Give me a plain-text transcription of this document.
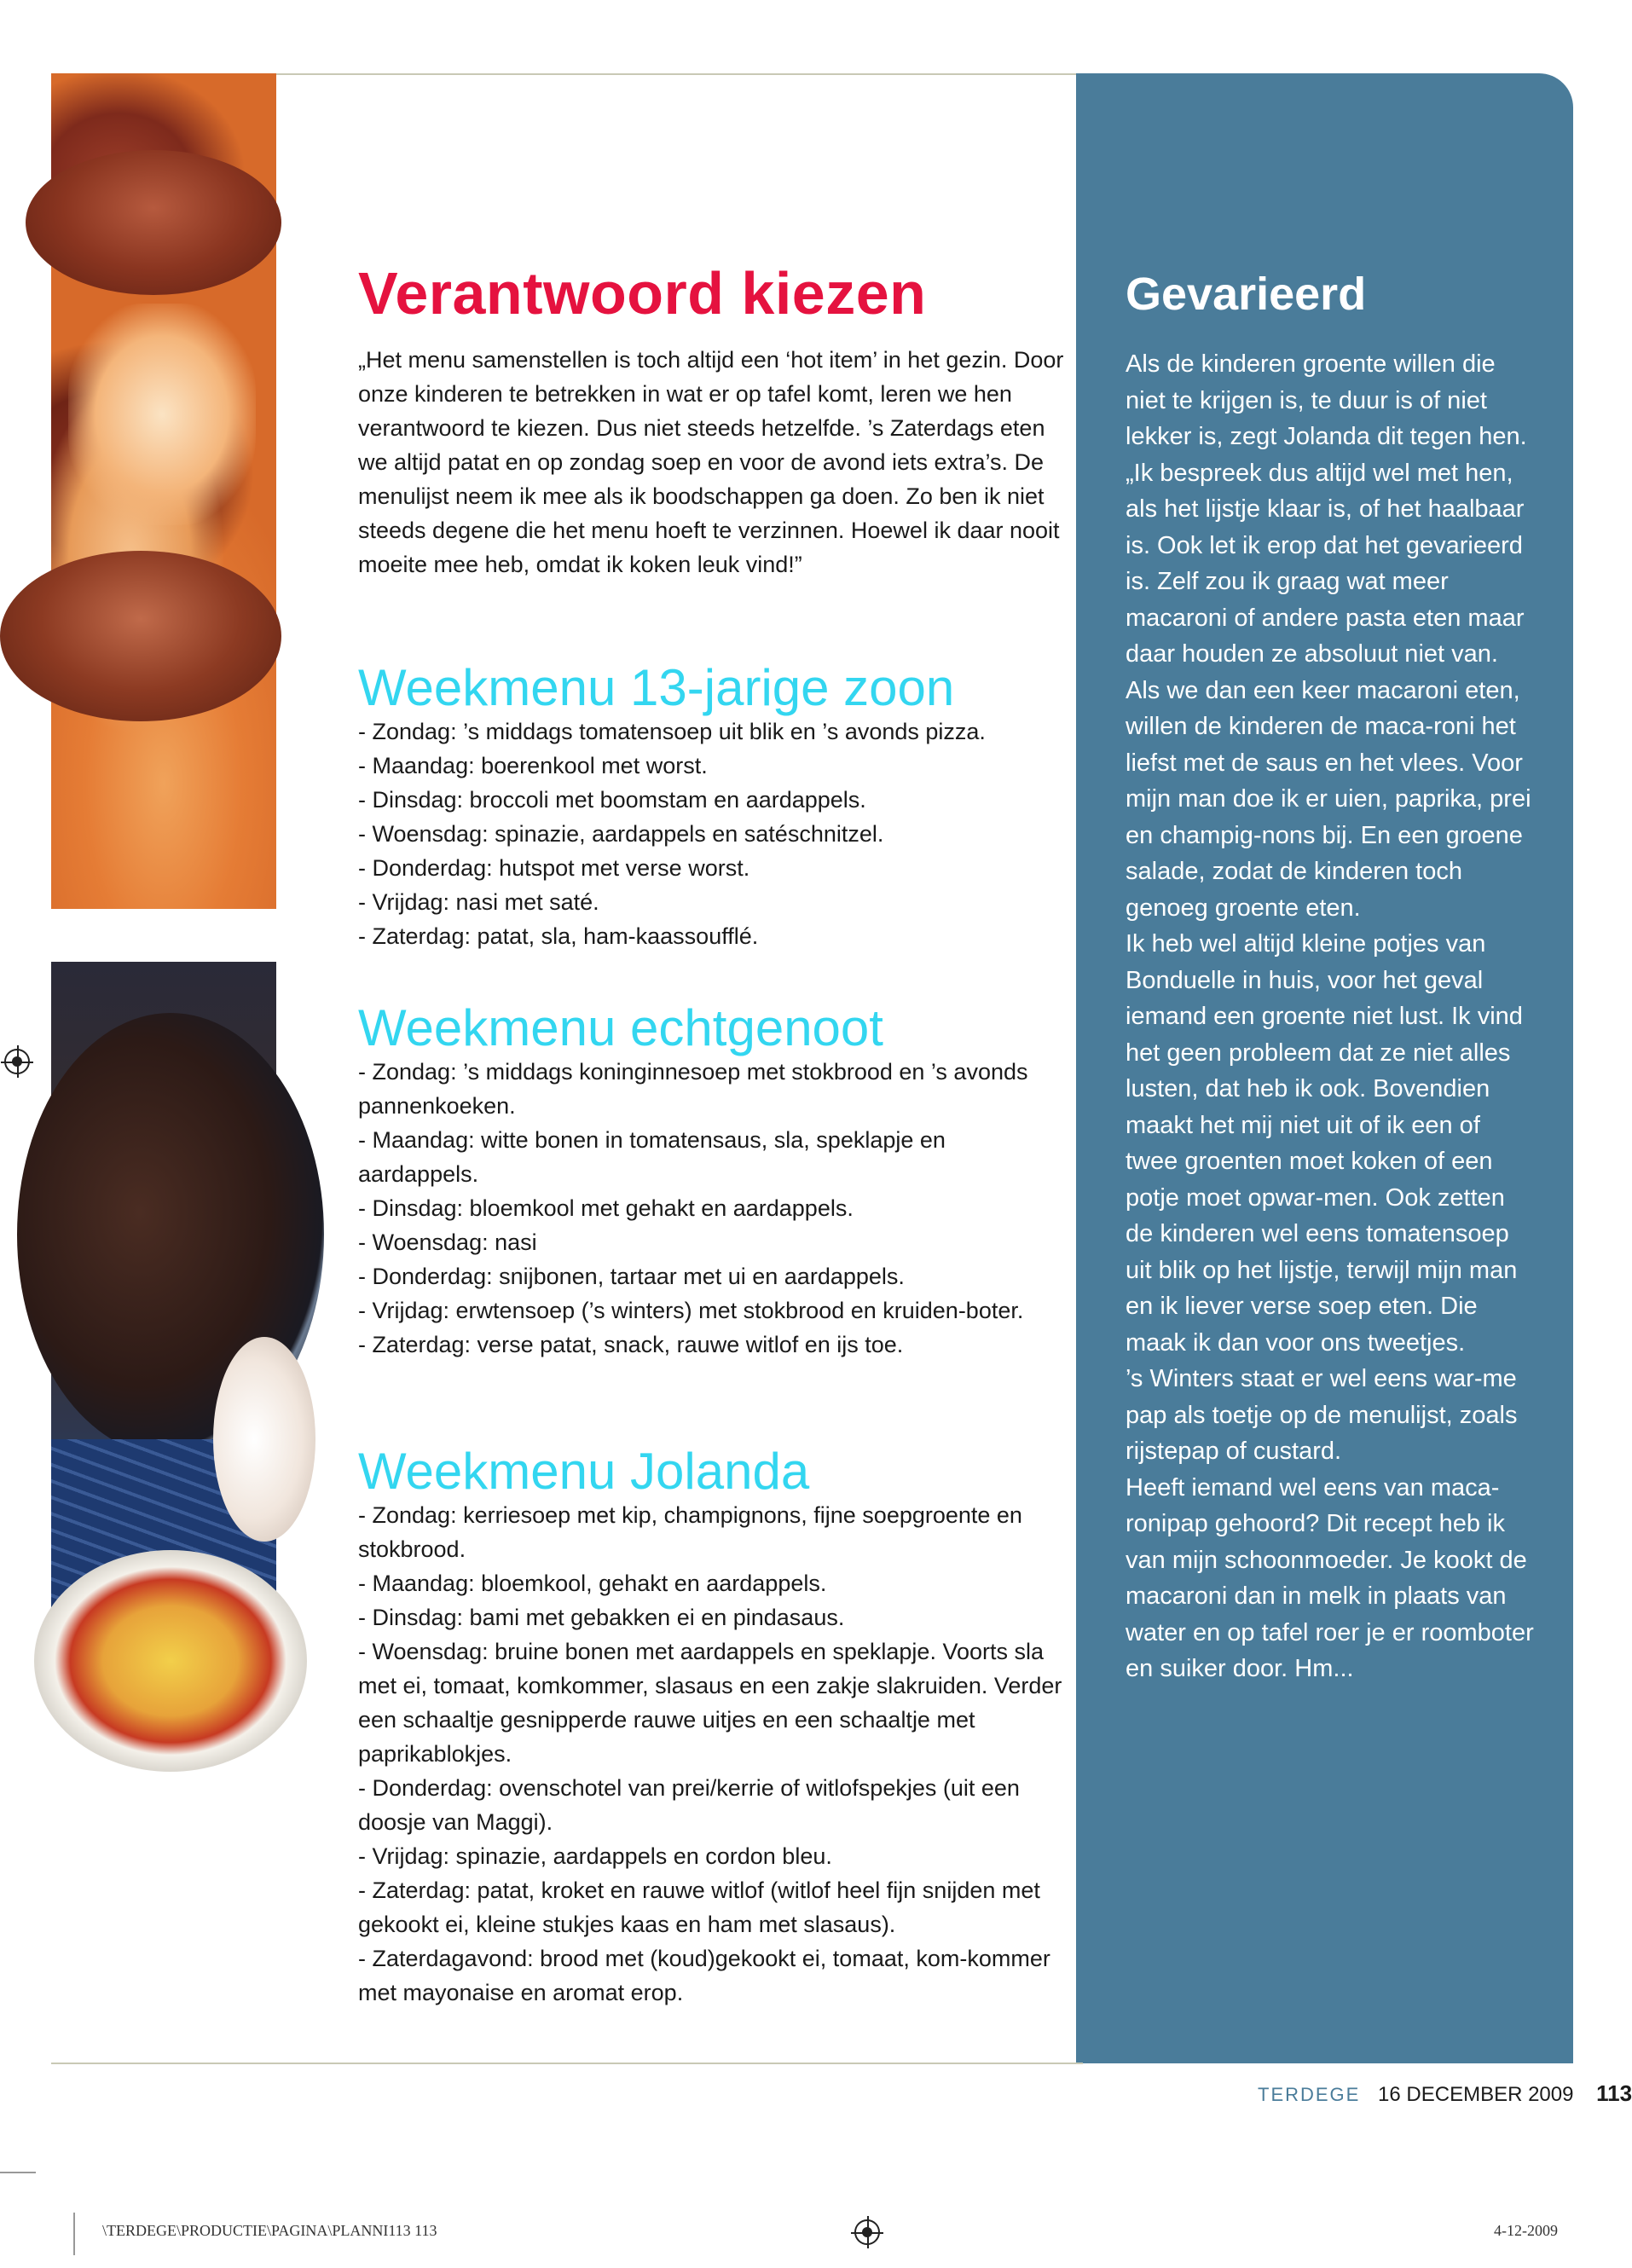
Verantwoord kiezen

„Het menu samenstellen is toch altijd een ‘hot item’ in het gezin. Door onze kinderen te betrekken in wat er op tafel komt, leren we hen verantwoord te kiezen. Dus niet steeds hetzelfde. ’s Zaterdags eten we altijd patat en op zondag soep en voor de avond iets extra’s. De menulijst neem ik mee als ik boodschappen ga doen. Zo ben ik niet steeds degene die het menu hoeft te verzinnen. Hoewel ik daar nooit moeite mee heb, omdat ik koken leuk vind!”

Weekmenu 13-jarige zoon
- Zondag: ’s middags tomatensoep uit blik en ’s avonds pizza.
- Maandag: boerenkool met worst.
- Dinsdag: broccoli met boomstam en aardappels.
- Woensdag: spinazie, aardappels en satéschnitzel.
- Donderdag: hutspot met verse worst.
- Vrijdag: nasi met saté.
- Zaterdag: patat, sla, ham-kaassoufflé.
Weekmenu echtgenoot
- Zondag: ’s middags koninginnesoep met stokbrood en ’s avonds pannenkoeken.
- Maandag: witte bonen in tomatensaus, sla, speklapje en aardappels.
- Dinsdag: bloemkool met gehakt en aardappels.
- Woensdag: nasi
- Donderdag: snijbonen, tartaar met ui en aardappels.
- Vrijdag: erwtensoep (’s winters) met stokbrood en kruiden-boter.
- Zaterdag: verse patat, snack, rauwe witlof en ijs toe.
Weekmenu Jolanda
- Zondag: kerriesoep met kip, champignons, fijne soepgroente en stokbrood.
- Maandag: bloemkool, gehakt en aardappels.
- Dinsdag: bami met gebakken ei en pindasaus.
- Woensdag: bruine bonen met aardappels en speklapje. Voorts sla met ei, tomaat, komkommer, slasaus en een zakje slakruiden. Verder een schaaltje gesnipperde rauwe uitjes en een schaaltje met paprikablokjes.
- Donderdag: ovenschotel van prei/kerrie of witlofspekjes (uit een doosje van Maggi).
- Vrijdag: spinazie, aardappels en cordon bleu.
- Zaterdag: patat, kroket en rauwe witlof (witlof heel fijn snijden met gekookt ei, kleine stukjes kaas en ham met slasaus).
- Zaterdagavond: brood met (koud)gekookt ei, tomaat, kom-kommer met mayonaise en aromat erop.
Gevarieerd

Als de kinderen groente willen die niet te krijgen is, te duur is of niet lekker is, zegt Jolanda dit tegen hen. „Ik bespreek dus altijd wel met hen, als het lijstje klaar is, of het haalbaar is. Ook let ik erop dat het gevarieerd is. Zelf zou ik graag wat meer macaroni of andere pasta eten maar daar houden ze absoluut niet van. Als we dan een keer macaroni eten, willen de kinderen de maca-roni het liefst met de saus en het vlees. Voor mijn man doe ik er uien, paprika, prei en champig-nons bij. En een groene salade, zodat de kinderen toch genoeg groente eten.
Ik heb wel altijd kleine potjes van Bonduelle in huis, voor het geval iemand een groente niet lust. Ik vind het geen probleem dat ze niet alles lusten, dat heb ik ook. Bovendien maakt het mij niet uit of ik een of twee groenten moet koken of een potje moet opwar-men. Ook zetten de kinderen wel eens tomatensoep uit blik op het lijstje, terwijl mijn man en ik liever verse soep eten. Die maak ik dan voor ons tweetjes.
’s Winters staat er wel eens war-me pap als toetje op de menulijst, zoals rijstepap of custard.
Heeft iemand wel eens van maca-ronipap gehoord? Dit recept heb ik van mijn schoonmoeder. Je kookt de macaroni dan in melk in plaats van water en op tafel roer je er roomboter en suiker door. Hm...

TERDEGE 16 DECEMBER 2009 113
\TERDEGE\PRODUCTIE\PAGINA\PLANNI113 113	4-12-2009
